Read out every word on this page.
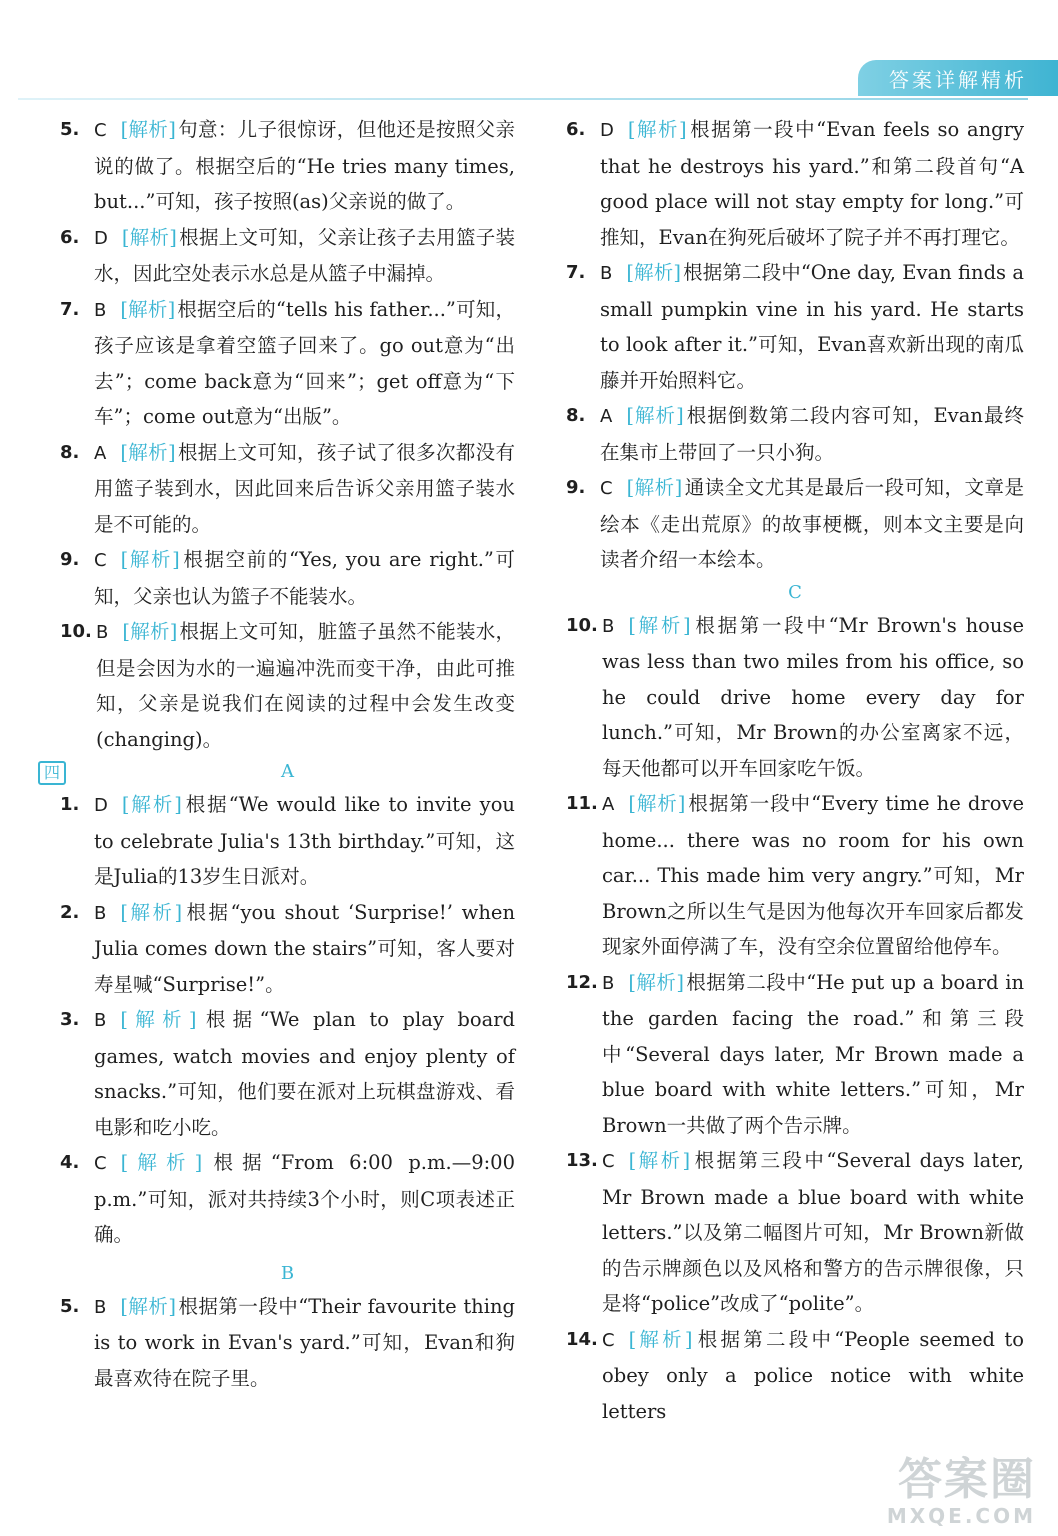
答案详解精析
5. C [解析] 句意：儿子很惊讶，但他还是按照父亲说的做了。根据空后的“He tries many times, but...”可知，孩子按照(as)父亲说的做了。
6. D [解析] 根据上文可知，父亲让孩子去用篮子装水，因此空处表示水总是从篮子中漏掉。
7. B [解析] 根据空后的“tells his father...”可知，孩子应该是拿着空篮子回来了。go out意为“出去”；come back意为“回来”；get off意为“下车”；come out意为“出版”。
8. A [解析] 根据上文可知，孩子试了很多次都没有用篮子装到水，因此回来后告诉父亲用篮子装水是不可能的。
9. C [解析] 根据空前的“Yes, you are right.”可知，父亲也认为篮子不能装水。
10. B [解析] 根据上文可知，脏篮子虽然不能装水，但是会因为水的一遍遍冲洗而变干净，由此可推知，父亲是说我们在阅读的过程中会发生改变(changing)。
四	A
1. D [解析] 根据“We would like to invite you to celebrate Julia's 13th birthday.”可知，这是Julia的13岁生日派对。
2. B [解析] 根据“you shout ‘Surprise!’ when Julia comes down the stairs”可知，客人要对寿星喊“Surprise!”。
3. B [解析] 根据“We plan to play board games, watch movies and enjoy plenty of snacks.”可知，他们要在派对上玩棋盘游戏、看电影和吃小吃。
4. C [解析] 根据“From 6:00 p.m.—9:00 p.m.”可知，派对共持续3个小时，则C项表述正确。
B
5. B [解析] 根据第一段中“Their favourite thing is to work in Evan's yard.”可知，Evan和狗最喜欢待在院子里。
6. D [解析] 根据第一段中“Evan feels so angry that he destroys his yard.”和第二段首句“A good place will not stay empty for long.”可推知，Evan在狗死后破坏了院子并不再打理它。
7. B [解析] 根据第二段中“One day, Evan finds a small pumpkin vine in his yard. He starts to look after it.”可知，Evan喜欢新出现的南瓜藤并开始照料它。
8. A [解析] 根据倒数第二段内容可知，Evan最终在集市上带回了一只小狗。
9. C [解析] 通读全文尤其是最后一段可知，文章是绘本《走出荒原》的故事梗概，则本文主要是向读者介绍一本绘本。
C
10. B [解析] 根据第一段中“Mr Brown's house was less than two miles from his office, so he could drive home every day for lunch.”可知，Mr Brown的办公室离家不远，每天他都可以开车回家吃午饭。
11. A [解析] 根据第一段中“Every time he drove home... there was no room for his own car... This made him very angry.”可知，Mr Brown之所以生气是因为他每次开车回家后都发现家外面停满了车，没有空余位置留给他停车。
12. B [解析] 根据第二段中“He put up a board in the garden facing the road.”和第三段中“Several days later, Mr Brown made a blue board with white letters.”可知，Mr Brown一共做了两个告示牌。
13. C [解析] 根据第三段中“Several days later, Mr Brown made a blue board with white letters.”以及第二幅图片可知，Mr Brown新做的告示牌颜色以及风格和警方的告示牌很像，只是将“police”改成了“polite”。
14. C [解析] 根据第二段中“People seemed to obey only a police notice with white letters
答案圈
MXQE.COM
